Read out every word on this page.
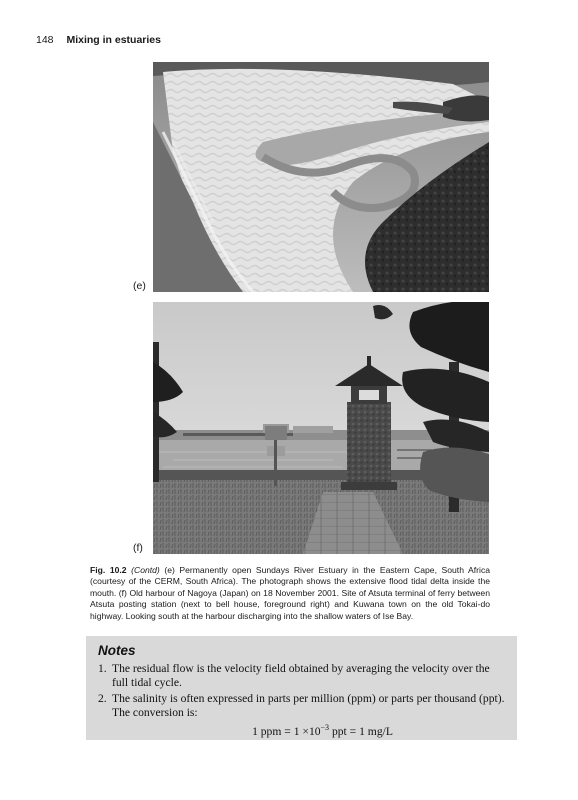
148 Mixing in estuaries
(e)
(f)
Fig. 10.2 (Contd) (e) Permanently open Sundays River Estuary in the Eastern Cape, South Africa (courtesy of the CERM, South Africa). The photograph shows the extensive flood tidal delta inside the mouth. (f) Old harbour of Nagoya (Japan) on 18 November 2001. Site of Atsuta terminal of ferry between Atsuta posting station (next to bell house, foreground right) and Kuwana town on the old Tokai-do highway. Looking south at the harbour discharging into the shallow waters of Ise Bay.
Notes
1. The residual flow is the velocity field obtained by averaging the velocity over the full tidal cycle.
2. The salinity is often expressed in parts per million (ppm) or parts per thousand (ppt). The conversion is:
1 ppm = $1 \times 10^{-3}$ ppt = 1 mg/L
